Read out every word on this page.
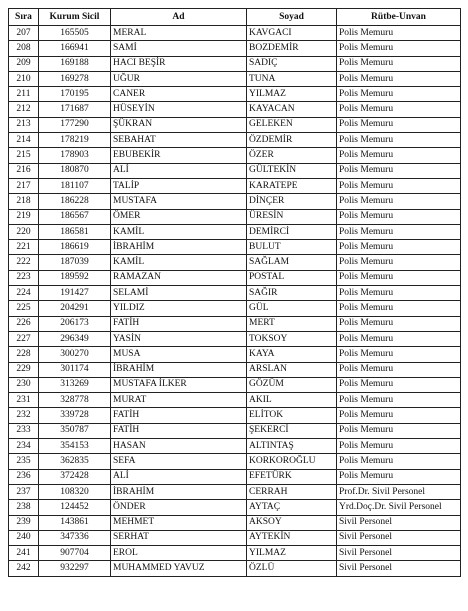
Sıra	Kurum Sicil	Ad	Soyad	Rütbe-Unvan
207	165505	MERAL	KAVGACI	Polis Memuru
208	166941	SAMİ	BOZDEMİR	Polis Memuru
209	169188	HACI BEŞİR	SADIÇ	Polis Memuru
210	169278	UĞUR	TUNA	Polis Memuru
211	170195	CANER	YILMAZ	Polis Memuru
212	171687	HÜSEYİN	KAYACAN	Polis Memuru
213	177290	ŞÜKRAN	GELEKEN	Polis Memuru
214	178219	SEBAHAT	ÖZDEMİR	Polis Memuru
215	178903	EBUBEKİR	ÖZER	Polis Memuru
216	180870	ALİ	GÜLTEKİN	Polis Memuru
217	181107	TALİP	KARATEPE	Polis Memuru
218	186228	MUSTAFA	DİNÇER	Polis Memuru
219	186567	ÖMER	ÜRESİN	Polis Memuru
220	186581	KAMİL	DEMİRCİ	Polis Memuru
221	186619	İBRAHİM	BULUT	Polis Memuru
222	187039	KAMİL	SAĞLAM	Polis Memuru
223	189592	RAMAZAN	POSTAL	Polis Memuru
224	191427	SELAMİ	SAĞIR	Polis Memuru
225	204291	YILDIZ	GÜL	Polis Memuru
226	206173	FATİH	MERT	Polis Memuru
227	296349	YASİN	TOKSOY	Polis Memuru
228	300270	MUSA	KAYA	Polis Memuru
229	301174	İBRAHİM	ARSLAN	Polis Memuru
230	313269	MUSTAFA İLKER	GÖZÜM	Polis Memuru
231	328778	MURAT	AKIL	Polis Memuru
232	339728	FATİH	ELİTOK	Polis Memuru
233	350787	FATİH	ŞEKERCİ	Polis Memuru
234	354153	HASAN	ALTINTAŞ	Polis Memuru
235	362835	SEFA	KORKOROĞLU	Polis Memuru
236	372428	ALİ	EFETÜRK	Polis Memuru
237	108320	İBRAHİM	CERRAH	Prof.Dr. Sivil Personel
238	124452	ÖNDER	AYTAÇ	Yrd.Doç.Dr. Sivil Personel
239	143861	MEHMET	AKSOY	Sivil Personel
240	347336	SERHAT	AYTEKİN	Sivil Personel
241	907704	EROL	YILMAZ	Sivil Personel
242	932297	MUHAMMED YAVUZ	ÖZLÜ	Sivil Personel
